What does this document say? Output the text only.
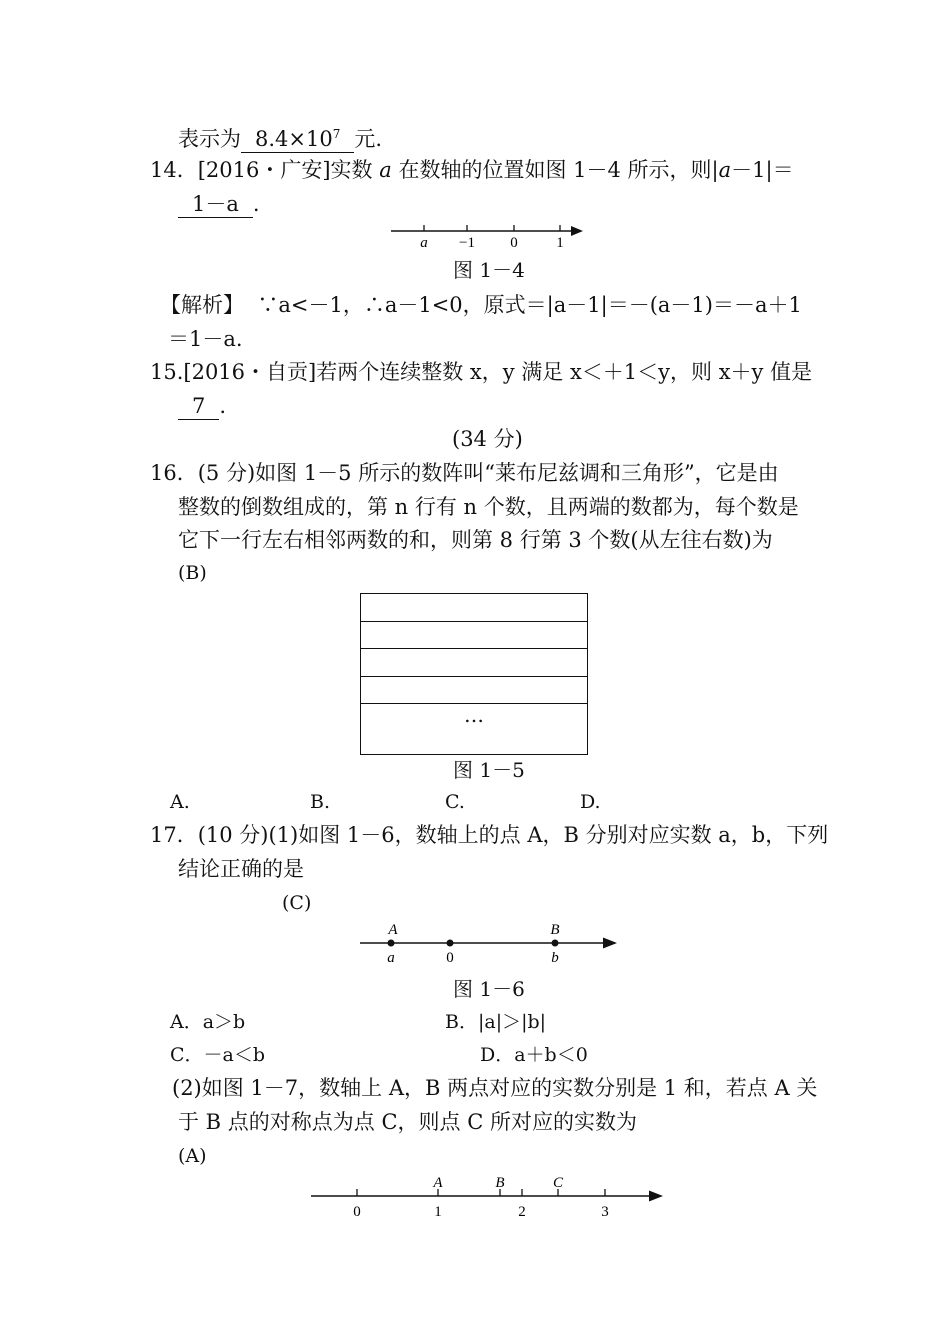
表示为 $8.4\times 10^7$ 元.
14．[2016・广安]实数 a 在数轴的位置如图 1－4 所示，则|a－1|＝
1－a .
a −1 0	1
图 1－4
【解析】 ∵a<－1，∴a－1<0，原式＝|a－1|＝－(a－1)＝－a＋1
＝1－a.
15.[2016・自贡]若两个连续整数 x，y 满足 x＜＋1＜y，则 x＋y 值是
7 .
(34 分)
16．(5 分)如图 1－5 所示的数阵叫“莱布尼兹调和三角形”，它是由
整数的倒数组成的，第 n 行有 n 个数，且两端的数都为，每个数是
它下一行左右相邻两数的和，则第 8 行第 3 个数(从左往右数)为
(B)
…
图 1－5
A.	B.	C.	D.
17．(10 分)(1)如图 1－6，数轴上的点 A，B 分别对应实数 a，b，下列
结论正确的是
(C)
A
a	0
B
b
图 1－6
A．a＞b	B．|a|＞|b|
C．－a＜b	D．a＋b＜0
(2)如图 1－7，数轴上 A，B 两点对应的实数分别是 1 和，若点 A 关
于 B 点的对称点为点 C，则点 C 所对应的实数为
(A)
A	B	C
0	1	2	3
